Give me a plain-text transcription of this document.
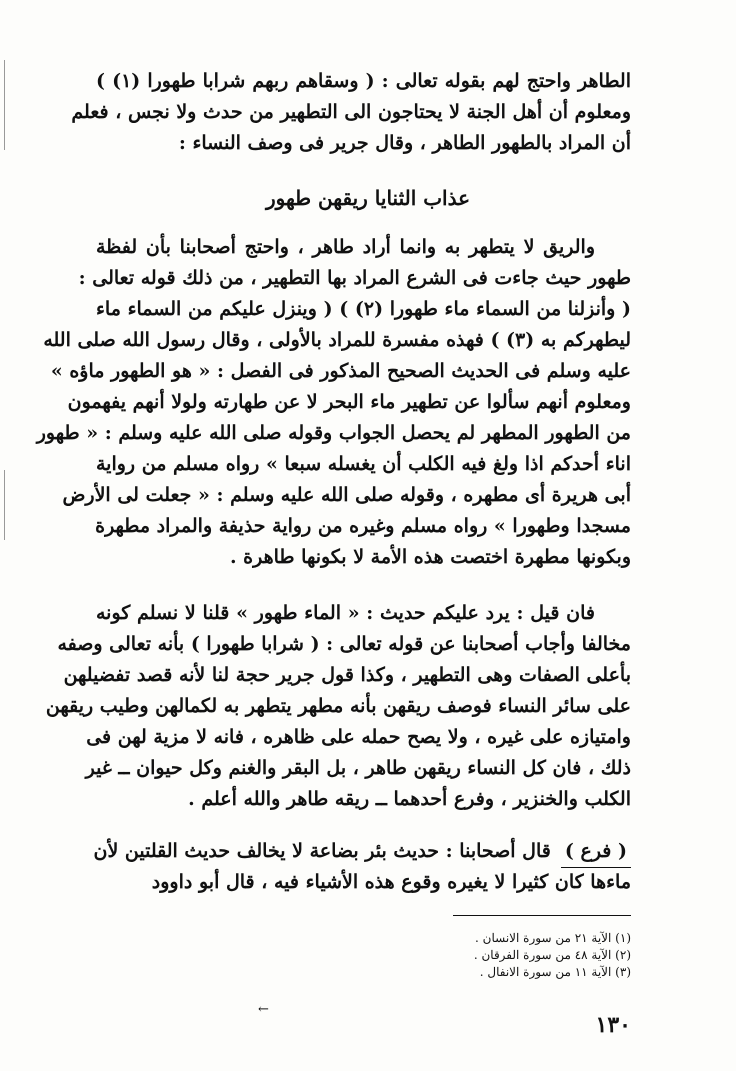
الطاهر واحتج لهم بقوله تعالى : ( وسقاهم ربهم شرابا طهورا (١) )
ومعلوم أن أهل الجنة لا يحتاجون الى التطهير من حدث ولا نجس ، فعلم
أن المراد بالطهور الطاهر ، وقال جرير فى وصف النساء :
عذاب الثنايا ريقهن طهور
والريق لا يتطهر به وانما أراد طاهر ، واحتج أصحابنا بأن لفظة
طهور حيث جاءت فى الشرع المراد بها التطهير ، من ذلك قوله تعالى :
( وأنزلنا من السماء ماء طهورا (٢) ) ( وينزل عليكم من السماء ماء
ليطهركم به (٣) ) فهذه مفسرة للمراد بالأولى ، وقال رسول الله صلى الله
عليه وسلم فى الحديث الصحيح المذكور فى الفصل : « هو الطهور ماؤه »
ومعلوم أنهم سألوا عن تطهير ماء البحر لا عن طهارته ولولا أنهم يفهمون
من الطهور المطهر لم يحصل الجواب وقوله صلى الله عليه وسلم : « طهور
اناء أحدكم اذا ولغ فيه الكلب أن يغسله سبعا » رواه مسلم من رواية
أبى هريرة أى مطهره ، وقوله صلى الله عليه وسلم : « جعلت لى الأرض
مسجدا وطهورا » رواه مسلم وغيره من رواية حذيفة والمراد مطهرة
وبكونها مطهرة اختصت هذه الأمة لا بكونها طاهرة .
فان قيل : يرد عليكم حديث : « الماء طهور » قلنا لا نسلم كونه
مخالفا وأجاب أصحابنا عن قوله تعالى : ( شرابا طهورا ) بأنه تعالى وصفه
بأعلى الصفات وهى التطهير ، وكذا قول جرير حجة لنا لأنه قصد تفضيلهن
على سائر النساء فوصف ريقهن بأنه مطهر يتطهر به لكمالهن وطيب ريقهن
وامتيازه على غيره ، ولا يصح حمله على ظاهره ، فانه لا مزية لهن فى
ذلك ، فان كل النساء ريقهن طاهر ، بل البقر والغنم وكل حيوان ــ غير
الكلب والخنزير ، وفرع أحدهما ــ ريقه طاهر والله أعلم .
( فرع )قال أصحابنا : حديث بئر بضاعة لا يخالف حديث القلتين لأن
ماءها كان كثيرا لا يغيره وقوع هذه الأشياء فيه ، قال أبو داوود
(١) الآية ٢١ من سورة الانسان .
(٢) الآية ٤٨ من سورة الفرقان .
(٣) الآية ١١ من سورة الانفال .
←
١٣٠
